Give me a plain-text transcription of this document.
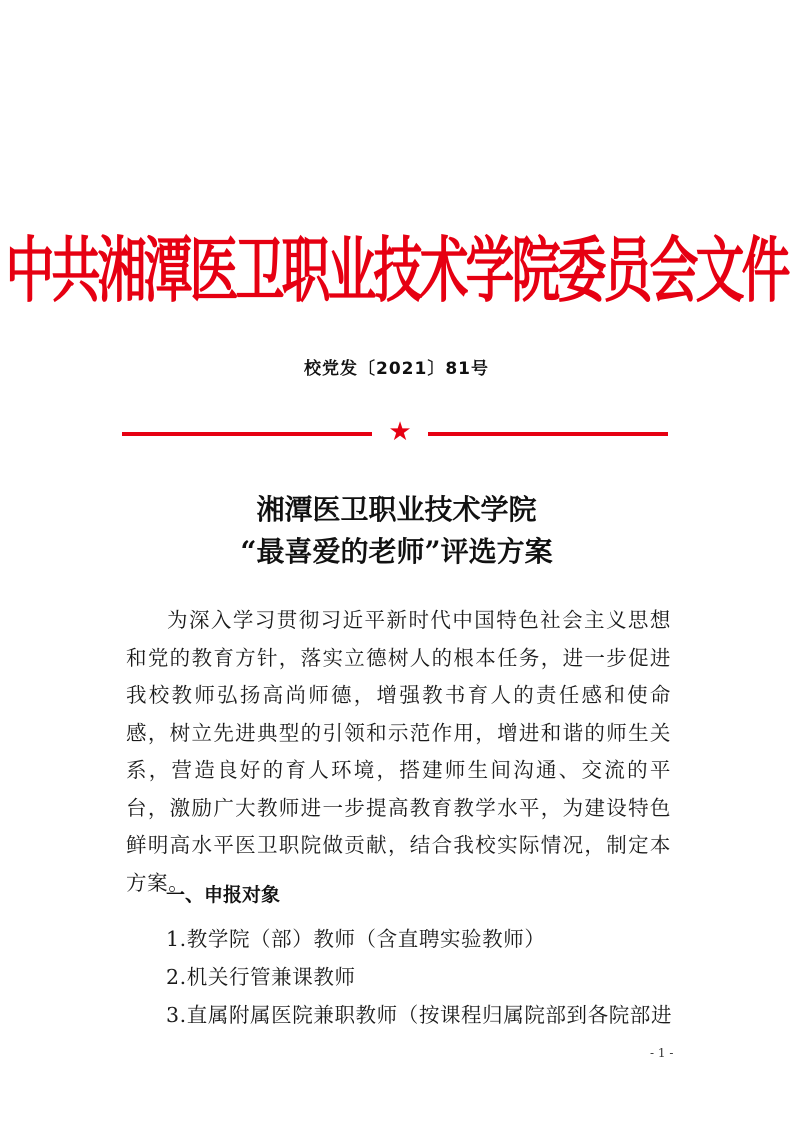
中共湘潭医卫职业技术学院委员会文件
校党发〔2021〕81号
★
湘潭医卫职业技术学院
“最喜爱的老师”评选方案
为深入学习贯彻习近平新时代中国特色社会主义思想和党的教育方针，落实立德树人的根本任务，进一步促进我校教师弘扬高尚师德，增强教书育人的责任感和使命感，树立先进典型的引领和示范作用，增进和谐的师生关系，营造良好的育人环境，搭建师生间沟通、交流的平台，激励广大教师进一步提高教育教学水平，为建设特色鲜明高水平医卫职院做贡献，结合我校实际情况，制定本方案。
一、申报对象
1.教学院（部）教师（含直聘实验教师）
2.机关行管兼课教师
3.直属附属医院兼职教师（按课程归属院部到各院部进
- 1 -
